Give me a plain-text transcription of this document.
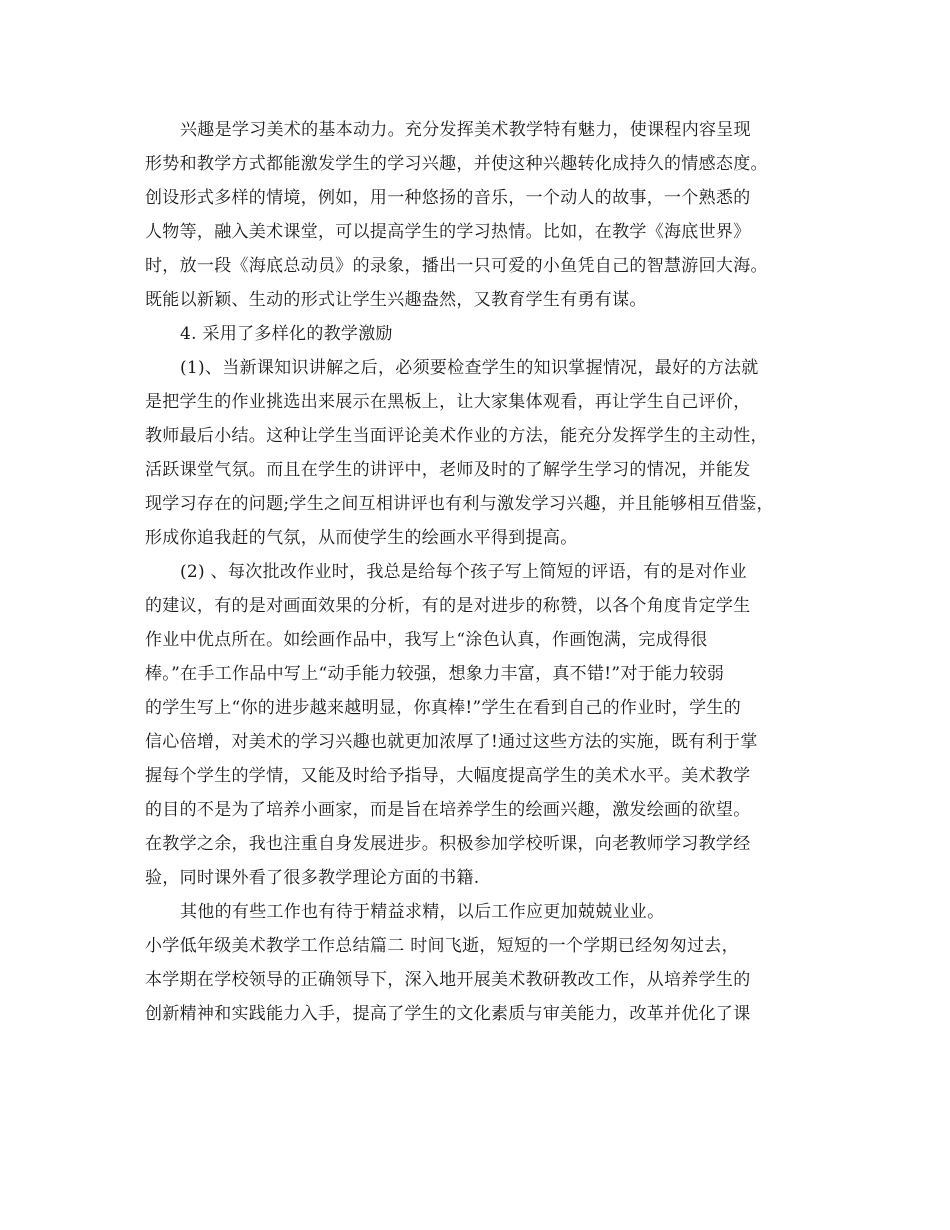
兴趣是学习美术的基本动力。充分发挥美术教学特有魅力，使课程内容呈现
形势和教学方式都能激发学生的学习兴趣，并使这种兴趣转化成持久的情感态度。
创设形式多样的情境，例如，用一种悠扬的音乐，一个动人的故事，一个熟悉的
人物等，融入美术课堂，可以提高学生的学习热情。比如，在教学《海底世界》
时，放一段《海底总动员》的录象，播出一只可爱的小鱼凭自己的智慧游回大海。
既能以新颖、生动的形式让学生兴趣盎然，又教育学生有勇有谋。
4. 采用了多样化的教学激励
(1)、当新课知识讲解之后，必须要检查学生的知识掌握情况，最好的方法就
是把学生的作业挑选出来展示在黑板上，让大家集体观看，再让学生自己评价，
教师最后小结。这种让学生当面评论美术作业的方法，能充分发挥学生的主动性，
活跃课堂气氛。而且在学生的讲评中，老师及时的了解学生学习的情况，并能发
现学习存在的问题;学生之间互相讲评也有利与激发学习兴趣，并且能够相互借鉴，
形成你追我赶的气氛，从而使学生的绘画水平得到提高。
(2) 、每次批改作业时，我总是给每个孩子写上简短的评语，有的是对作业
的建议，有的是对画面效果的分析，有的是对进步的称赞，以各个角度肯定学生
作业中优点所在。如绘画作品中，我写上“涂色认真，作画饱满，完成得很
棒。”在手工作品中写上“动手能力较强，想象力丰富，真不错!”对于能力较弱
的学生写上“你的进步越来越明显，你真棒!”学生在看到自己的作业时，学生的
信心倍增，对美术的学习兴趣也就更加浓厚了!通过这些方法的实施，既有利于掌
握每个学生的学情，又能及时给予指导，大幅度提高学生的美术水平。美术教学
的目的不是为了培养小画家，而是旨在培养学生的绘画兴趣，激发绘画的欲望。
在教学之余，我也注重自身发展进步。积极参加学校听课，向老教师学习教学经
验，同时课外看了很多教学理论方面的书籍.
其他的有些工作也有待于精益求精，以后工作应更加兢兢业业。
小学低年级美术教学工作总结篇二 时间飞逝，短短的一个学期已经匆匆过去，
本学期在学校领导的正确领导下，深入地开展美术教研教改工作，从培养学生的
创新精神和实践能力入手，提高了学生的文化素质与审美能力，改革并优化了课
